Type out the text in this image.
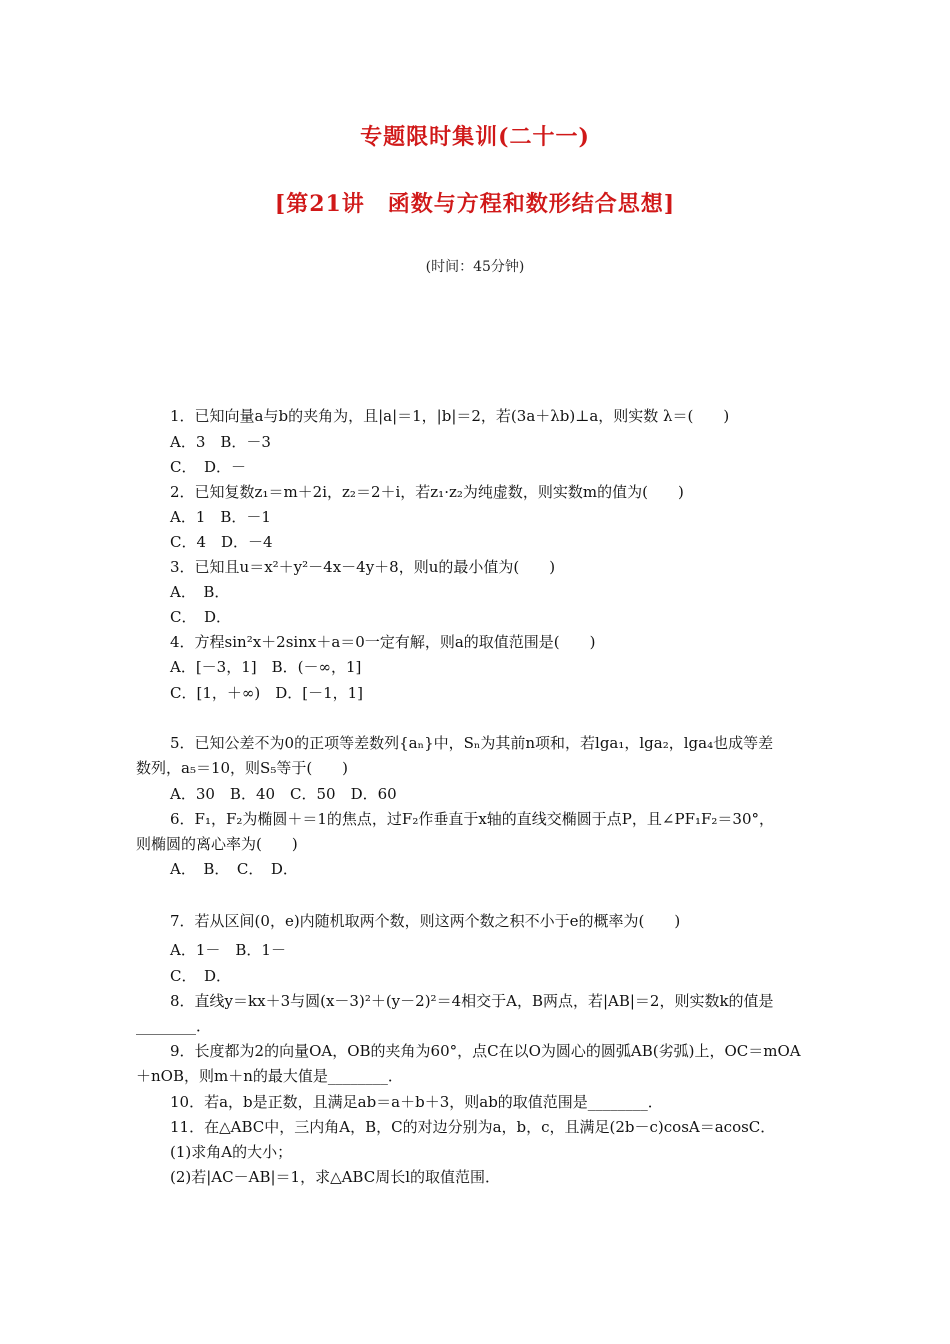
专题限时集训(二十一)
[第21讲　函数与方程和数形结合思想]
(时间：45分钟)
1．已知向量a与b的夹角为，且|a|＝1，|b|＝2，若(3a＋λb)⊥a，则实数 λ＝(　　)
A．3　B．－3
C．　D．－
2．已知复数z₁＝m＋2i，z₂＝2＋i，若z₁·z₂为纯虚数，则实数m的值为(　　)
A．1　B．－1
C．4　D．－4
3．已知且u＝x²＋y²－4x－4y＋8，则u的最小值为(　　)
A．　B．
C．　D．
4．方程sin²x＋2sinx＋a＝0一定有解，则a的取值范围是(　　)
A．[－3，1]　B．(－∞，1]
C．[1，＋∞)　D．[－1，1]
5．已知公差不为0的正项等差数列{aₙ}中，Sₙ为其前n项和，若lga₁，lga₂，lga₄也成等差
数列，a₅＝10，则S₅等于(　　)
A．30　B．40　C．50　D．60
6．F₁，F₂为椭圆＋＝1的焦点，过F₂作垂直于x轴的直线交椭圆于点P，且∠PF₁F₂＝30°，
则椭圆的离心率为(　　)
A．　B．　C．　D．
7．若从区间(0，e)内随机取两个数，则这两个数之积不小于e的概率为(　　)
A．1－　B．1－
C．　D．
8．直线y＝kx＋3与圆(x－3)²＋(y－2)²＝4相交于A，B两点，若|AB|＝2，则实数k的值是
________．
9．长度都为2的向量OA，OB的夹角为60°，点C在以O为圆心的圆弧AB(劣弧)上，OC＝mOA
＋nOB，则m＋n的最大值是________．
10．若a，b是正数，且满足ab＝a＋b＋3，则ab的取值范围是________．
11．在△ABC中，三内角A，B，C的对边分别为a，b，c，且满足(2b－c)cosA＝acosC．
(1)求角A的大小；
(2)若|AC－AB|＝1，求△ABC周长l的取值范围．
